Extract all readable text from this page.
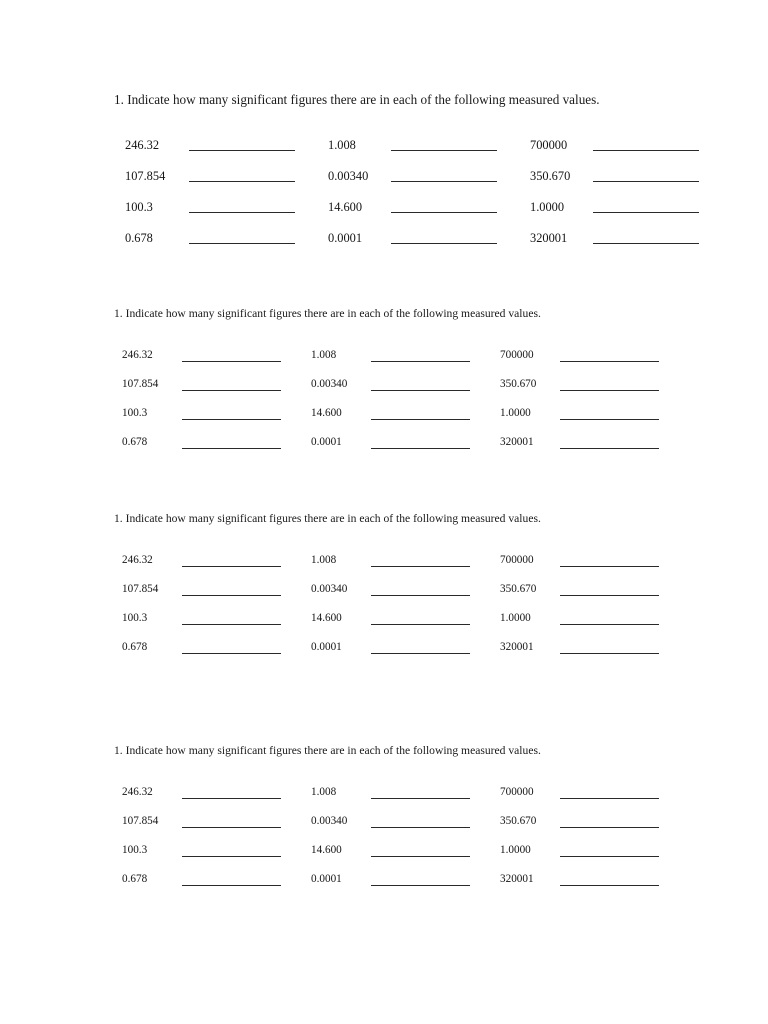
1. Indicate how many significant figures there are in each of the following measured values.
246.32	1.008	700000
107.854	0.00340	350.670
100.3	14.600	1.0000
0.678	0.0001	320001
1. Indicate how many significant figures there are in each of the following measured values.
246.32	1.008	700000
107.854	0.00340	350.670
100.3	14.600	1.0000
0.678	0.0001	320001
1. Indicate how many significant figures there are in each of the following measured values.
246.32	1.008	700000
107.854	0.00340	350.670
100.3	14.600	1.0000
0.678	0.0001	320001
1. Indicate how many significant figures there are in each of the following measured values.
246.32	1.008	700000
107.854	0.00340	350.670
100.3	14.600	1.0000
0.678	0.0001	320001
